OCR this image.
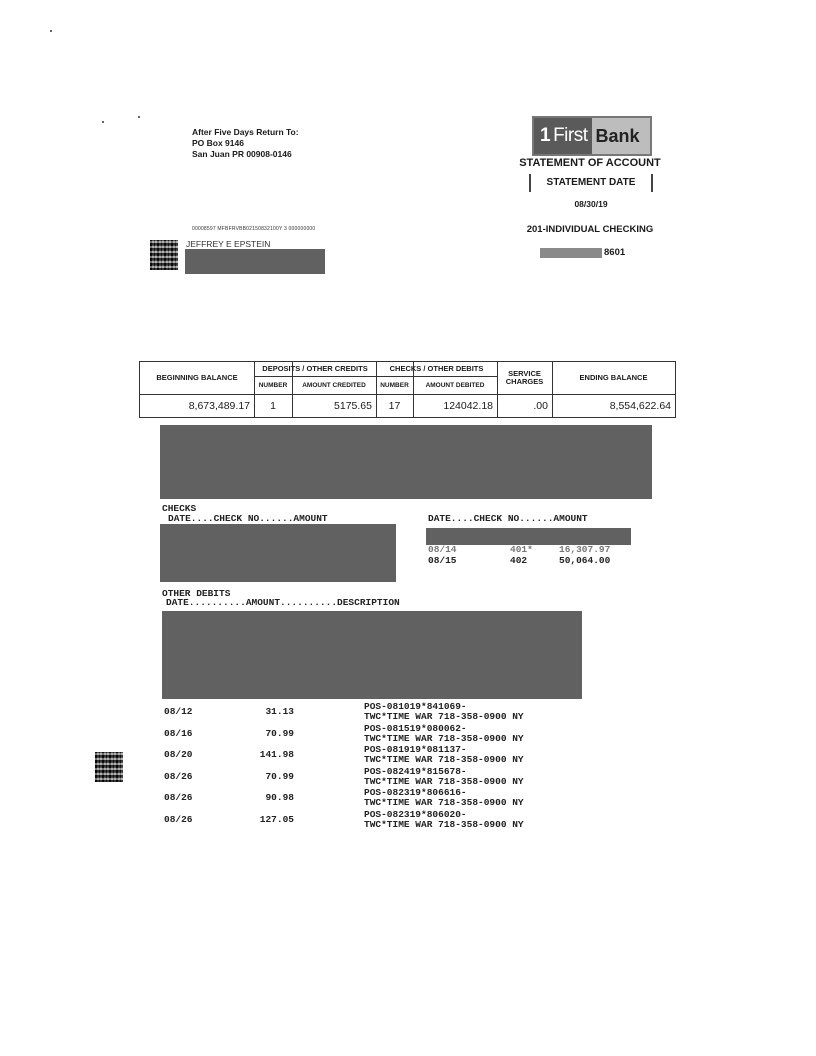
After Five Days Return To:
PO Box 9146
San Juan PR 00908-0146
1 First Bank
STATEMENT OF ACCOUNT
STATEMENT DATE
08/30/19
201-INDIVIDUAL CHECKING
8601
00008597 MFBFRVBB02150832100Y 3 000000000
JEFFREY E EPSTEIN
BEGINNING BALANCE
DEPOSITS / OTHER CREDITS	CHECKS / OTHER DEBITS
SERVICE CHARGES	ENDING BALANCE
NUMBER	AMOUNT CREDITED	NUMBER	AMOUNT DEBITED
8,673,489.17	1	5175.65	17	124042.18	.00	8,554,622.64
CHECKS
DATE....CHECK NO......AMOUNT	DATE....CHECK NO......AMOUNT
08/14	401*	16,307.97
08/15	402	50,064.00
OTHER DEBITS
DATE..........AMOUNT..........DESCRIPTION
08/12	31.13	POS-081019*841069-
TWC*TIME WAR 718-358-0900 NY
08/16	70.99	POS-081519*080062-
TWC*TIME WAR 718-358-0900 NY
08/20	141.98	POS-081919*081137-
TWC*TIME WAR 718-358-0900 NY
08/26	70.99	POS-082419*815678-
TWC*TIME WAR 718-358-0900 NY
08/26	90.98	POS-082319*806616-
TWC*TIME WAR 718-358-0900 NY
08/26	127.05	POS-082319*806020-
TWC*TIME WAR 718-358-0900 NY
